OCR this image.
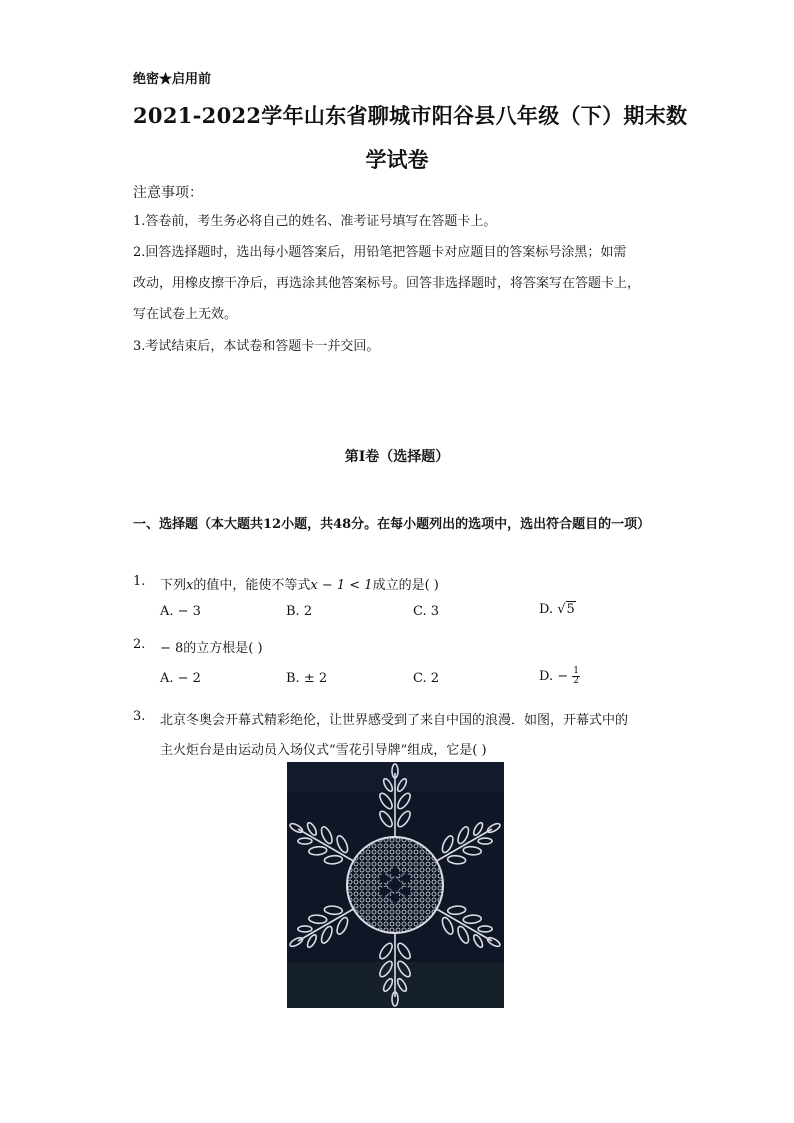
绝密★启用前
2021-2022学年山东省聊城市阳谷县八年级（下）期末数
学试卷
注意事项：
1.答卷前，考生务必将自己的姓名、准考证号填写在答题卡上。
2.回答选择题时，选出每小题答案后，用铅笔把答题卡对应题目的答案标号涂黑；如需
改动，用橡皮擦干净后，再选涂其他答案标号。回答非选择题时，将答案写在答题卡上，
写在试卷上无效。
3.考试结束后，本试卷和答题卡一并交回。
第I卷（选择题）
一、选择题（本大题共12小题，共48分。在每小题列出的选项中，选出符合题目的一项）
1. 下列x的值中，能使不等式x − 1 < 1成立的是( )
A. − 3	B. 2	C. 3	D. √5
2. − 8的立方根是( )
A. − 2	B. ± 2	C. 2	D. − $\frac{1}{2}$
3. 北京冬奥会开幕式精彩绝伦，让世界感受到了来自中国的浪漫．如图，开幕式中的
主火炬台是由运动员入场仪式“雪花引导牌”组成，它是( )
